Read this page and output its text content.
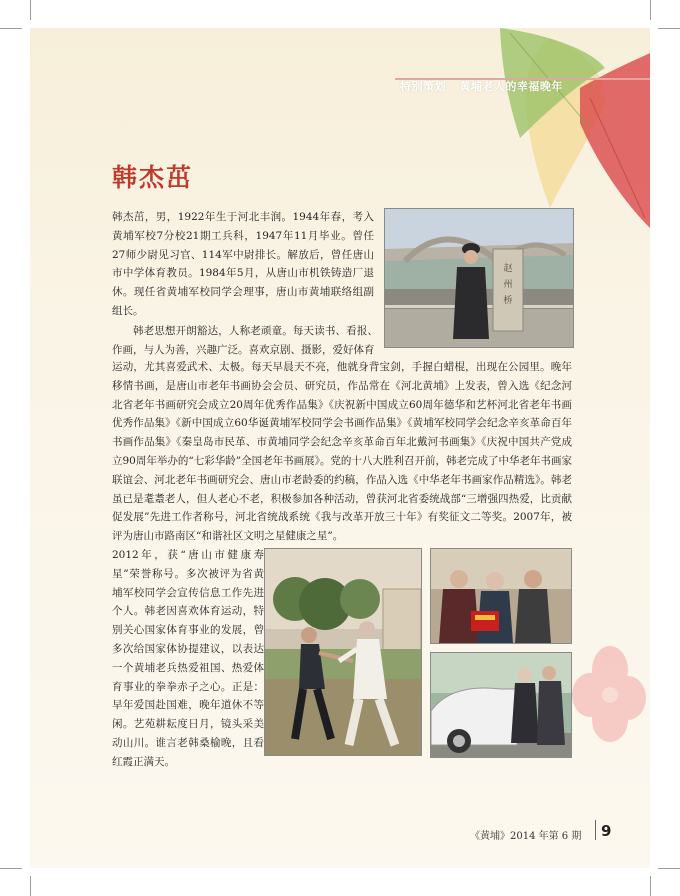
特别策划 · 黄埔老人的幸福晚年
韩杰茁

韩杰茁，男，1922年生于河北丰润。1944年春，考入黄埔军校7分校21期工兵科，1947年11月毕业。曾任27师少尉见习官、114军中尉排长。解放后，曾任唐山市中学体育教员。1984年5月，从唐山市机铁铸造厂退休。现任省黄埔军校同学会理事，唐山市黄埔联络组副组长。

韩老思想开朗豁达，人称老顽童。每天读书、看报、作画，与人为善，兴趣广泛。喜欢京剧、摄影，爱好体育

运动，尤其喜爱武术、太极。每天早晨天不亮，他就身背宝剑，手握白蜡棍，出现在公园里。晚年移情书画，是唐山市老年书画协会会员、研究员，作品常在《河北黄埔》上发表，曾入选《纪念河北省老年书画研究会成立20周年优秀作品集》《庆祝新中国成立60周年德华和艺杯河北省老年书画优秀作品集》《新中国成立60华诞黄埔军校同学会书画作品集》《黄埔军校同学会纪念辛亥革命百年书画作品集》《秦皇岛市民革、市黄埔同学会纪念辛亥革命百年北戴河书画集》《庆祝中国共产党成立90周年举办的“七彩华龄”全国老年书画展》。党的十八大胜利召开前，韩老完成了中华老年书画家联谊会、河北老年书画研究会、唐山市老龄委的约稿，作品入选《中华老年书画家作品精选》。韩老虽已是耄耋老人，但人老心不老，积极参加各种活动，曾获河北省委统战部“三增强四热爱，比贡献促发展”先进工作者称号，河北省统战系统《我与改革开放三十年》有奖征文二等奖。2007年，被评为唐山市路南区“和谐社区文明之星健康之星”。

2012年，获“唐山市健康寿星”荣誉称号。多次被评为省黄埔军校同学会宣传信息工作先进个人。韩老因喜欢体育运动，特别关心国家体育事业的发展，曾多次给国家体协提建议，以表达一个黄埔老兵热爱祖国、热爱体育事业的拳拳赤子之心。正是：早年爱国赴国难，晚年道休不等闲。艺苑耕耘度日月，镜头采美动山川。谁言老韩桑榆晚，且看红霞正满天。

赵
州
桥
《黄埔》2014 年第 6 期 9
